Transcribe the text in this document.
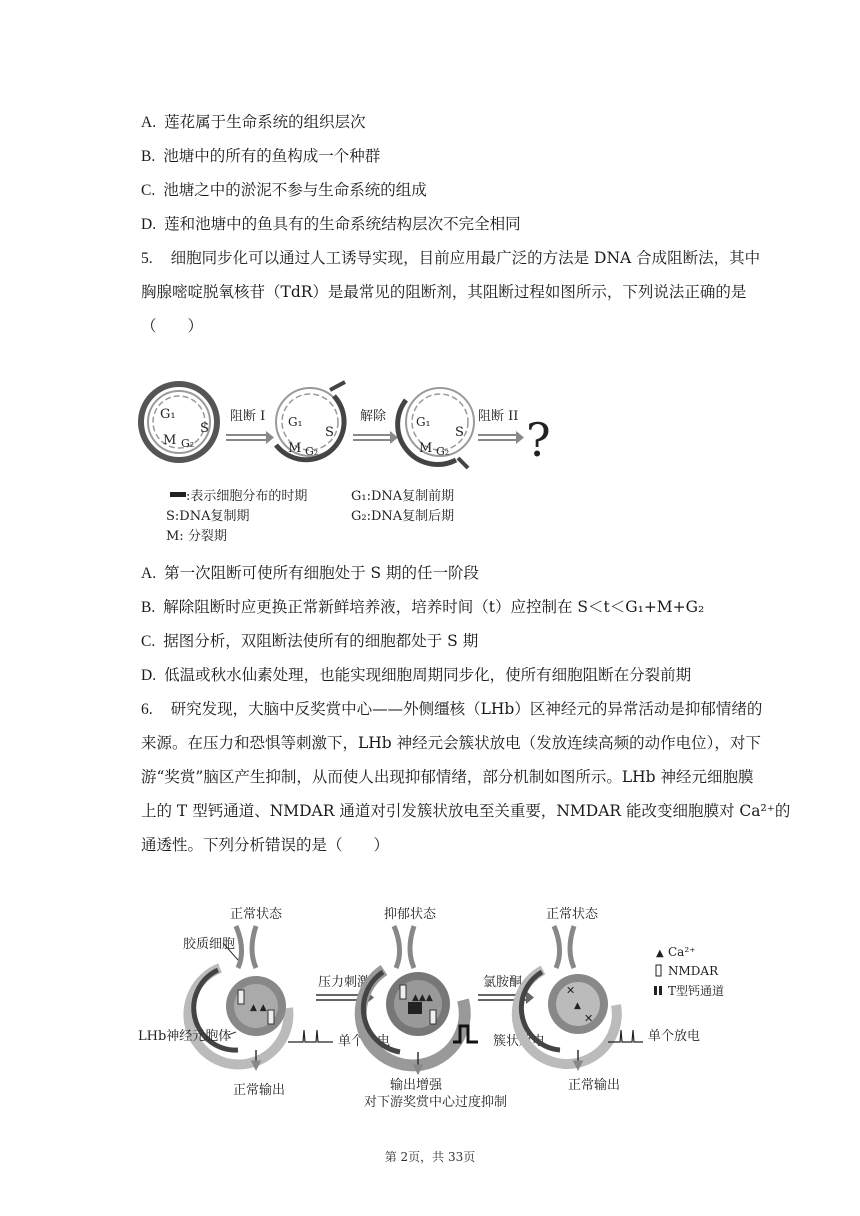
A. 莲花属于生命系统的组织层次
B. 池塘中的所有的鱼构成一个种群
C. 池塘之中的淤泥不参与生命系统的组成
D. 莲和池塘中的鱼具有的生命系统结构层次不完全相同
5. 细胞同步化可以通过人工诱导实现，目前应用最广泛的方法是 DNA 合成阻断法，其中
胸腺嘧啶脱氧核苷（TdR）是最常见的阻断剂，其阻断过程如图所示，下列说法正确的是
（　　）
G₁
S
M G₂
阻断 I G₁
S
M G₂
解除 G₁
S
M G₂
阻断 II ?
:表示细胞分布的时期
S:DNA复制期
M: 分裂期
G₁:DNA复制前期
G₂:DNA复制后期
A. 第一次阻断可使所有细胞处于 S 期的任一阶段
B. 解除阻断时应更换正常新鲜培养液，培养时间（t）应控制在 S＜t＜G₁+M+G₂
C. 据图分析，双阻断法使所有的细胞都处于 S 期
D. 低温或秋水仙素处理，也能实现细胞周期同步化，使所有细胞阻断在分裂前期
6. 研究发现，大脑中反奖赏中心——外侧缰核（LHb）区神经元的异常活动是抑郁情绪的
来源。在压力和恐惧等刺激下，LHb 神经元会簇状放电（发放连续高频的动作电位），对下
游“奖赏”脑区产生抑制，从而使人出现抑郁情绪，部分机制如图所示。LHb 神经元细胞膜
上的 T 型钙通道、NMDAR 通道对引发簇状放电至关重要，NMDAR 能改变细胞膜对 Ca²⁺的
通透性。下列分析错误的是（　　）
正常状态
▲ ▲
胶质细胞
LHb神经元胞体	单个放电
正常输出
压力刺激
抑郁状态
▲▲▲
簇状放电
输出增强
对下游奖赏中心过度抑制
氯胺酮
正常状态
✕
✕
▲
单个放电
正常输出
▲ Ca²⁺
NMDAR
T型钙通道
第 2页，共 33页
